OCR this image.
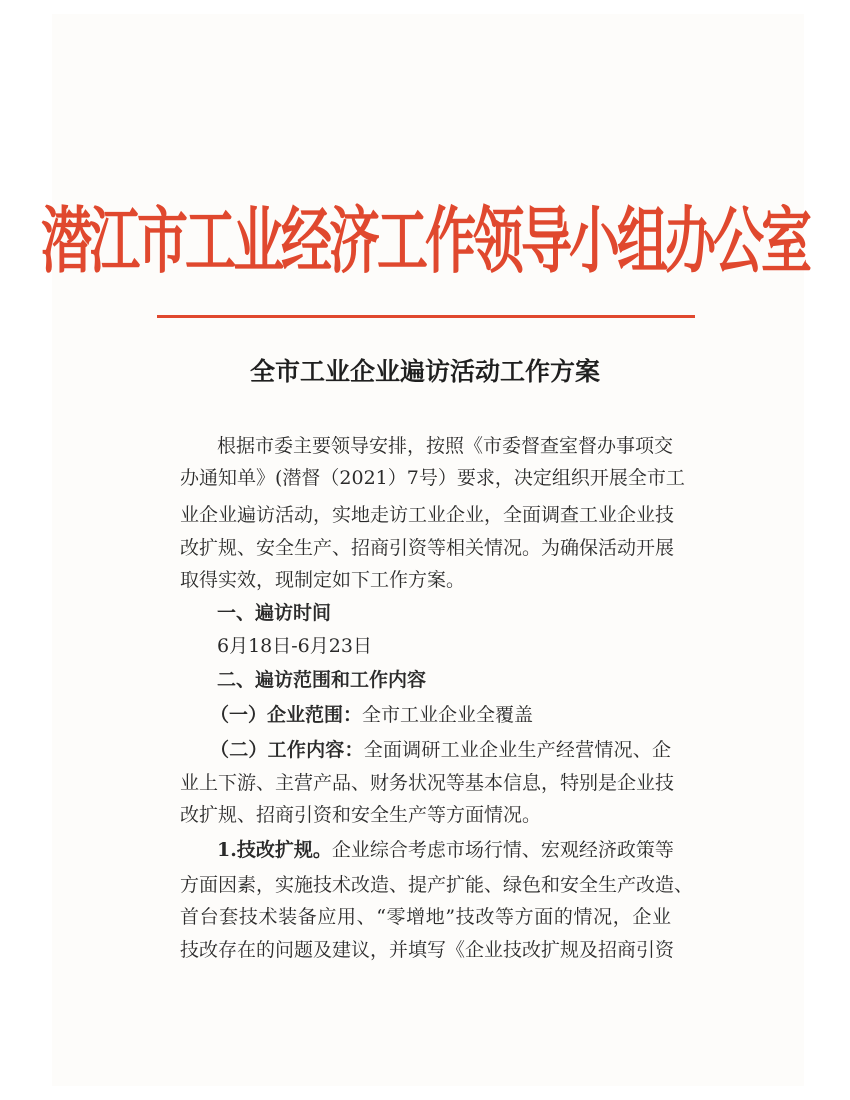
潜江市工业经济工作领导小组办公室
全市工业企业遍访活动工作方案
根据市委主要领导安排，按照《市委督查室督办事项交
办通知单》(潜督（2021）7号）要求，决定组织开展全市工
业企业遍访活动，实地走访工业企业，全面调查工业企业技
改扩规、安全生产、招商引资等相关情况。为确保活动开展
取得实效，现制定如下工作方案。
一、遍访时间
6月18日-6月23日
二、遍访范围和工作内容
（一）企业范围：全市工业企业全覆盖
（二）工作内容：全面调研工业企业生产经营情况、企
业上下游、主营产品、财务状况等基本信息，特别是企业技
改扩规、招商引资和安全生产等方面情况。
1.技改扩规。企业综合考虑市场行情、宏观经济政策等
方面因素，实施技术改造、提产扩能、绿色和安全生产改造、
首台套技术装备应用、“零增地”技改等方面的情况，企业
技改存在的问题及建议，并填写《企业技改扩规及招商引资
